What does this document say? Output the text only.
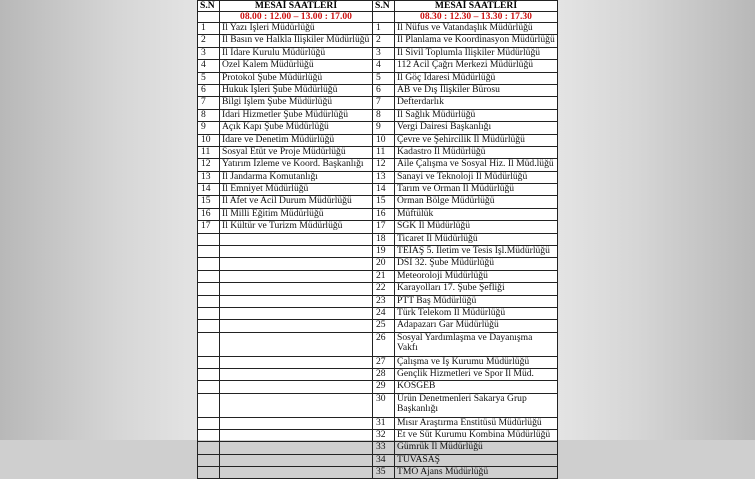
S.N	MESAİ SAATLERİ	S.N	MESAİ SAATLERİ
	08.00 : 12.00 – 13.00 : 17.00		08.30 : 12.30 – 13.30 : 17.30
1	İl Yazı İşleri Müdürlüğü	1	İl Nüfus ve Vatandaşlık Müdürlüğü
2	İl Basın ve Halkla İlişkiler Müdürlüğü	2	İl Planlama ve Koordinasyon Müdürlüğü
3	İl İdare Kurulu Müdürlüğü	3	İl Sivil Toplumla İlişkiler Müdürlüğü
4	Özel Kalem Müdürlüğü	4	112 Acil Çağrı Merkezi Müdürlüğü
5	Protokol Şube Müdürlüğü	5	İl Göç İdaresi Müdürlüğü
6	Hukuk İşleri Şube Müdürlüğü	6	AB ve Dış İlişkiler Bürosu
7	Bilgi İşlem Şube Müdürlüğü	7	Defterdarlık
8	İdari Hizmetler Şube Müdürlüğü	8	İl Sağlık Müdürlüğü
9	Açık Kapı Şube Müdürlüğü	9	Vergi Dairesi Başkanlığı
10	İdare ve Denetim Müdürlüğü	10	Çevre ve Şehircilik İl Müdürlüğü
11	Sosyal Etüt ve Proje Müdürlüğü	11	Kadastro İl Müdürlüğü
12	Yatırım İzleme ve Koord. Başkanlığı	12	Aile Çalışma ve Sosyal Hiz. İl Müd.lüğü
13	İl Jandarma Komutanlığı	13	Sanayi ve Teknoloji İl Müdürlüğü
14	İl Emniyet Müdürlüğü	14	Tarım ve Orman İl Müdürlüğü
15	İl Afet ve Acil Durum Müdürlüğü	15	Orman Bölge Müdürlüğü
16	İl Milli Eğitim Müdürlüğü	16	Müftülük
17	İl Kültür ve Turizm Müdürlüğü	17	SGK İl Müdürlüğü
		18	Ticaret İl Müdürlüğü
		19	TEİAŞ 5. İletim ve Tesis İşl.Müdürlüğü
		20	DSİ 32. Şube Müdürlüğü
		21	Meteoroloji Müdürlüğü
		22	Karayolları 17. Şube Şefliği
		23	PTT Baş Müdürlüğü
		24	Türk Telekom İl Müdürlüğü
		25	Adapazarı Gar Müdürlüğü
		26	Sosyal Yardımlaşma ve Dayanışma Vakfı
		27	Çalışma ve İş Kurumu Müdürlüğü
		28	Gençlik Hizmetleri ve Spor İl Müd.
		29	KOSGEB
		30	Ürün Denetmenleri Sakarya Grup Başkanlığı
		31	Mısır Araştırma Enstitüsü Müdürlüğü
		32	Et ve Süt Kurumu Kombina Müdürlüğü
		33	Gümrük İl Müdürlüğü
		34	TÜVASAŞ
		35	TMO Ajans Müdürlüğü
